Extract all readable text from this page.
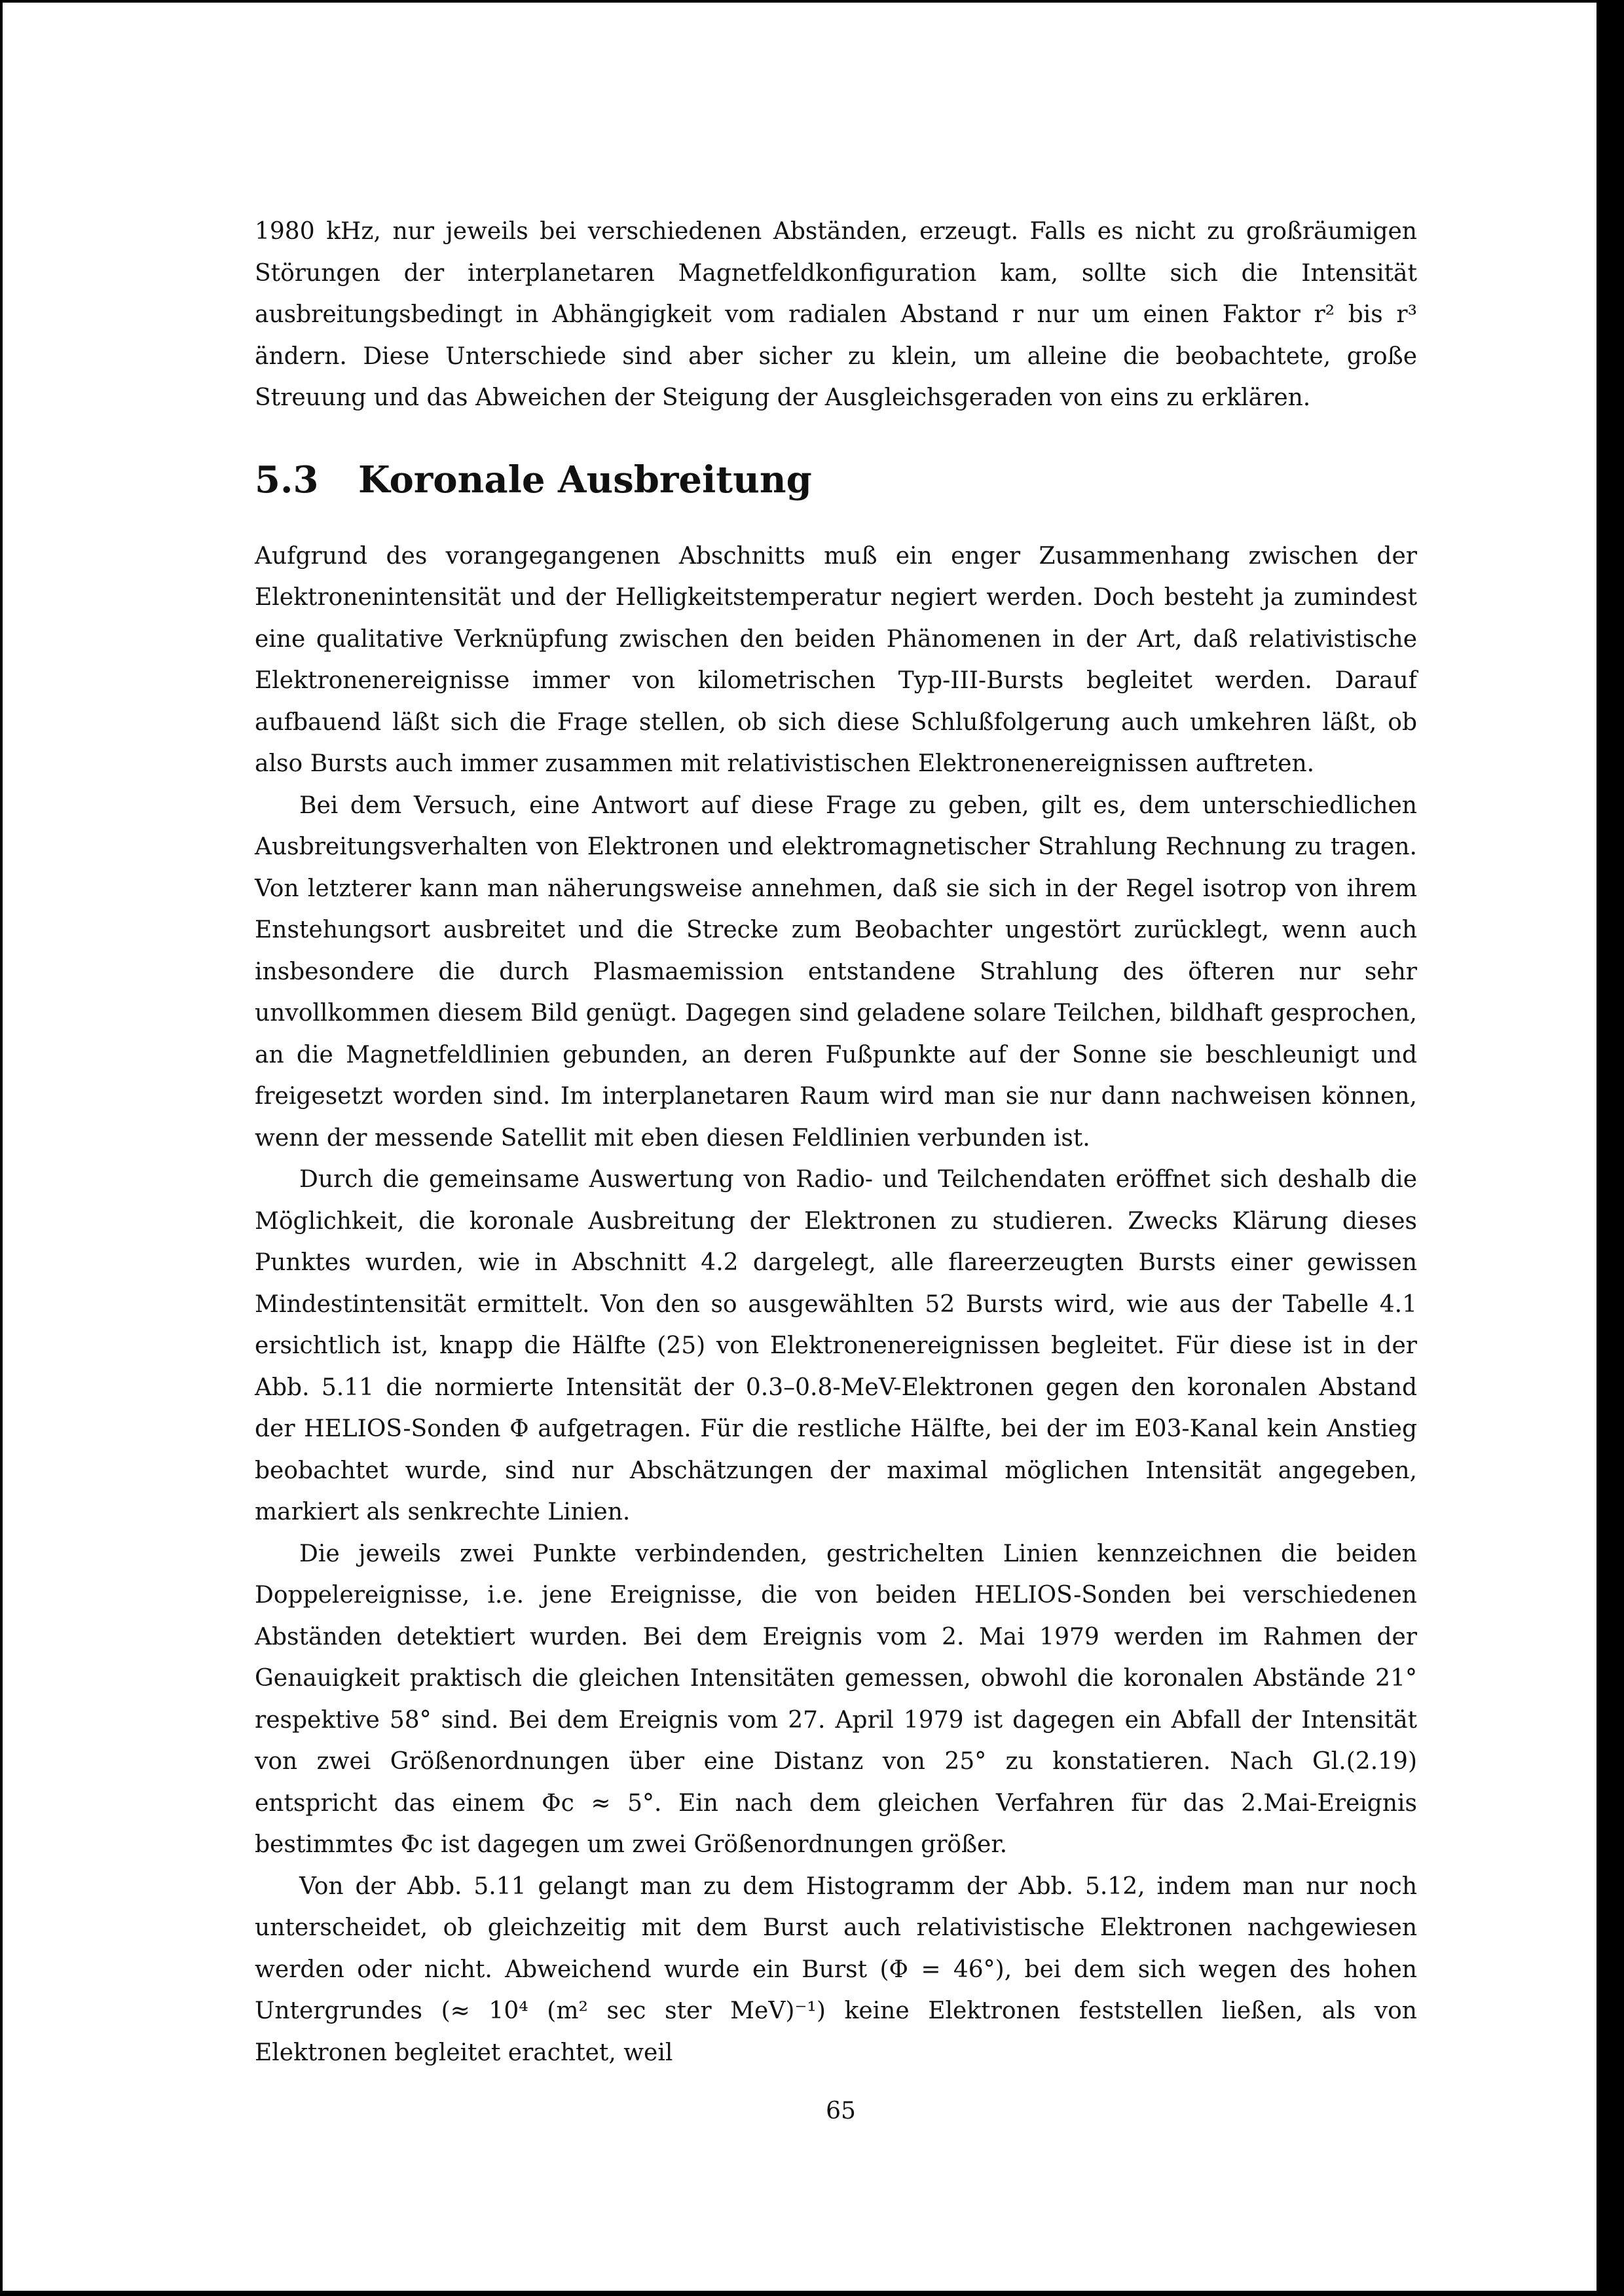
1980 kHz, nur jeweils bei verschiedenen Abständen, erzeugt. Falls es nicht zu großräumigen Störungen der interplanetaren Magnetfeldkonfiguration kam, sollte sich die Intensität ausbreitungsbedingt in Abhängigkeit vom radialen Abstand r nur um einen Faktor r² bis r³ ändern. Diese Unterschiede sind aber sicher zu klein, um alleine die beobachtete, große Streuung und das Abweichen der Steigung der Ausgleichsgeraden von eins zu erklären.

5.3 Koronale Ausbreitung

Aufgrund des vorangegangenen Abschnitts muß ein enger Zusammenhang zwischen der Elektronenintensität und der Helligkeitstemperatur negiert werden. Doch besteht ja zumindest eine qualitative Verknüpfung zwischen den beiden Phänomenen in der Art, daß relativistische Elektronenereignisse immer von kilometrischen Typ-III-Bursts begleitet werden. Darauf aufbauend läßt sich die Frage stellen, ob sich diese Schlußfolgerung auch umkehren läßt, ob also Bursts auch immer zusammen mit relativistischen Elektronenereignissen auftreten.

Bei dem Versuch, eine Antwort auf diese Frage zu geben, gilt es, dem unterschiedlichen Ausbreitungsverhalten von Elektronen und elektromagnetischer Strahlung Rechnung zu tragen. Von letzterer kann man näherungsweise annehmen, daß sie sich in der Regel isotrop von ihrem Enstehungsort ausbreitet und die Strecke zum Beobachter ungestört zurücklegt, wenn auch insbesondere die durch Plasmaemission entstandene Strahlung des öfteren nur sehr unvollkommen diesem Bild genügt. Dagegen sind geladene solare Teilchen, bildhaft gesprochen, an die Magnetfeldlinien gebunden, an deren Fußpunkte auf der Sonne sie beschleunigt und freigesetzt worden sind. Im interplanetaren Raum wird man sie nur dann nachweisen können, wenn der messende Satellit mit eben diesen Feldlinien verbunden ist.

Durch die gemeinsame Auswertung von Radio- und Teilchendaten eröffnet sich deshalb die Möglichkeit, die koronale Ausbreitung der Elektronen zu studieren. Zwecks Klärung dieses Punktes wurden, wie in Abschnitt 4.2 dargelegt, alle flareerzeugten Bursts einer gewissen Mindestintensität ermittelt. Von den so ausgewählten 52 Bursts wird, wie aus der Tabelle 4.1 ersichtlich ist, knapp die Hälfte (25) von Elektronenereignissen begleitet. Für diese ist in der Abb. 5.11 die normierte Intensität der 0.3–0.8-MeV-Elektronen gegen den koronalen Abstand der HELIOS-Sonden Φ aufgetragen. Für die restliche Hälfte, bei der im E03-Kanal kein Anstieg beobachtet wurde, sind nur Abschätzungen der maximal möglichen Intensität angegeben, markiert als senkrechte Linien.

Die jeweils zwei Punkte verbindenden, gestrichelten Linien kennzeichnen die beiden Doppelereignisse, i.e. jene Ereignisse, die von beiden HELIOS-Sonden bei verschiedenen Abständen detektiert wurden. Bei dem Ereignis vom 2. Mai 1979 werden im Rahmen der Genauigkeit praktisch die gleichen Intensitäten gemessen, obwohl die koronalen Abstände 21° respektive 58° sind. Bei dem Ereignis vom 27. April 1979 ist dagegen ein Abfall der Intensität von zwei Größenordnungen über eine Distanz von 25° zu konstatieren. Nach Gl.(2.19) entspricht das einem Φc ≈ 5°. Ein nach dem gleichen Verfahren für das 2.Mai-Ereignis bestimmtes Φc ist dagegen um zwei Größenordnungen größer.

Von der Abb. 5.11 gelangt man zu dem Histogramm der Abb. 5.12, indem man nur noch unterscheidet, ob gleichzeitig mit dem Burst auch relativistische Elektronen nachgewiesen werden oder nicht. Abweichend wurde ein Burst (Φ = 46°), bei dem sich wegen des hohen Untergrundes (≈ 10⁴ (m² sec ster MeV)⁻¹) keine Elektronen feststellen ließen, als von Elektronen begleitet erachtet, weil

65
